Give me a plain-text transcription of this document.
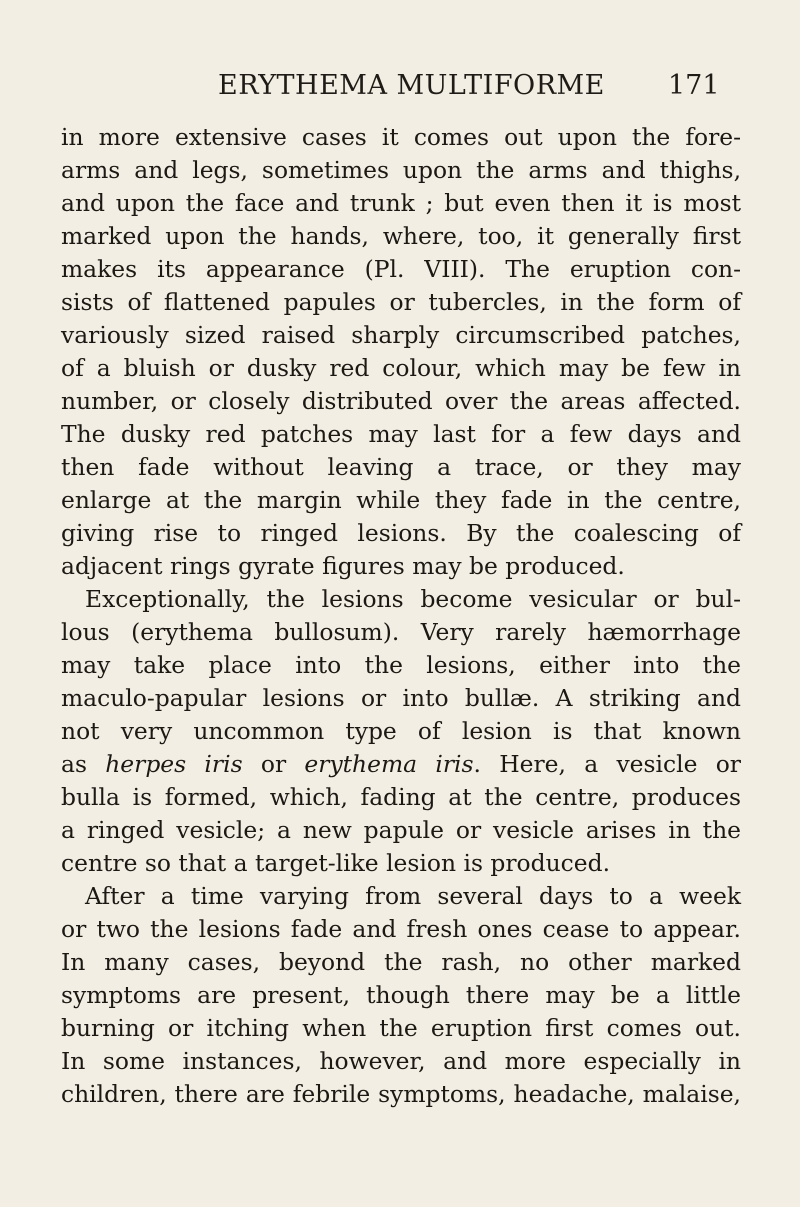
ERYTHEMA MULTIFORME 171
in more extensive cases it comes out upon the fore-
arms and legs, sometimes upon the arms and thighs,
and upon the face and trunk ; but even then it is most
marked upon the hands, where, too, it generally first
makes its appearance (Pl. VIII). The eruption con-
sists of flattened papules or tubercles, in the form of
variously sized raised sharply circumscribed patches,
of a bluish or dusky red colour, which may be few in
number, or closely distributed over the areas affected.
The dusky red patches may last for a few days and
then fade without leaving a trace, or they may
enlarge at the margin while they fade in the centre,
giving rise to ringed lesions. By the coalescing of
adjacent rings gyrate figures may be produced.
Exceptionally, the lesions become vesicular or bul-
lous (erythema bullosum). Very rarely hæmorrhage
may take place into the lesions, either into the
maculo-papular lesions or into bullæ. A striking and
not very uncommon type of lesion is that known
as herpes iris or erythema iris. Here, a vesicle or
bulla is formed, which, fading at the centre, produces
a ringed vesicle; a new papule or vesicle arises in the
centre so that a target-like lesion is produced.
After a time varying from several days to a week
or two the lesions fade and fresh ones cease to appear.
In many cases, beyond the rash, no other marked
symptoms are present, though there may be a little
burning or itching when the eruption first comes out.
In some instances, however, and more especially in
children, there are febrile symptoms, headache, malaise,
